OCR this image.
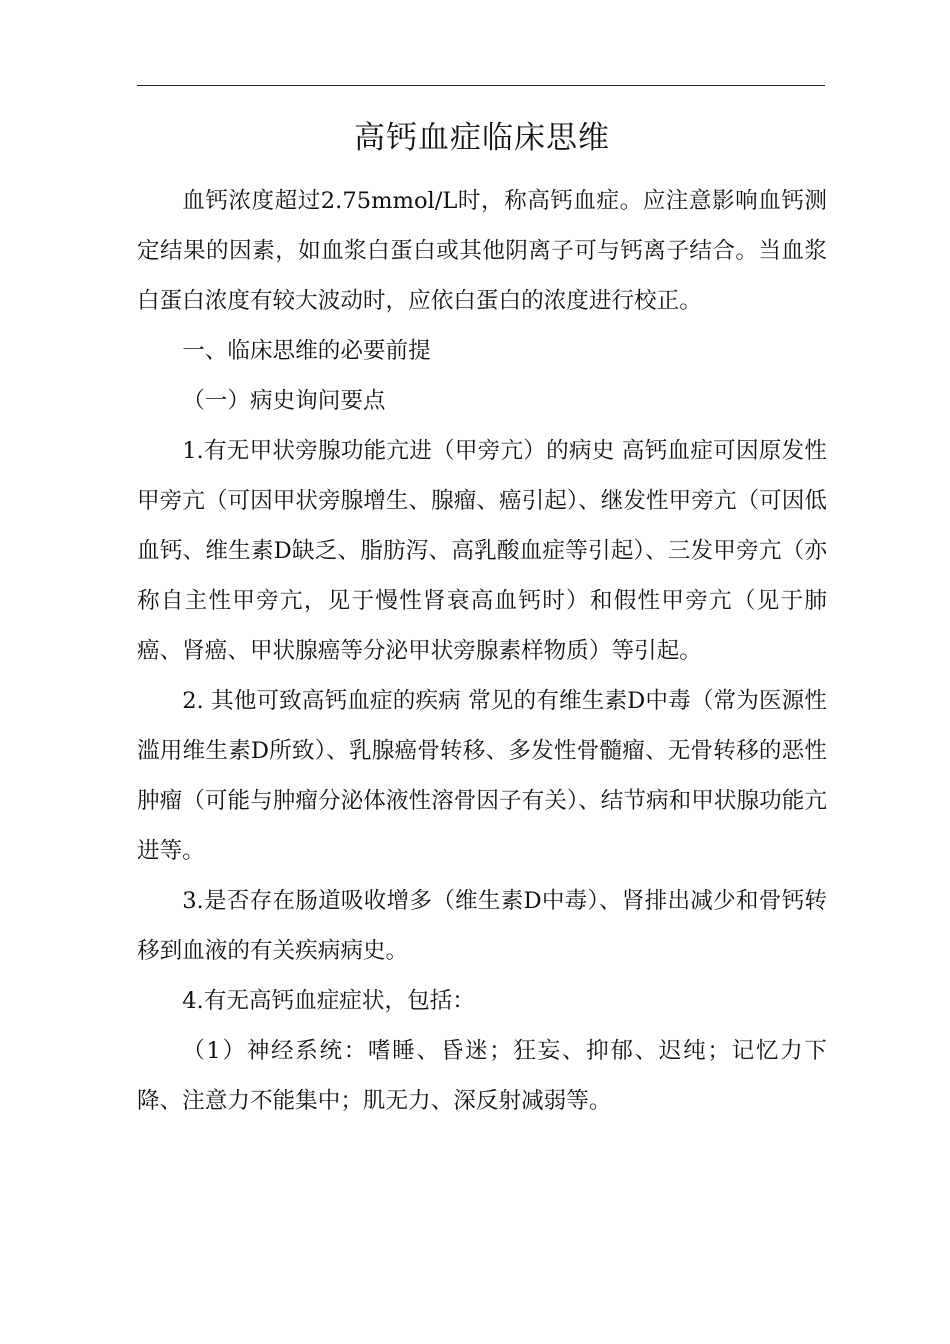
高钙血症临床思维

血钙浓度超过2.75mmol/L时，称高钙血症。应注意影响血钙测定结果的因素，如血浆白蛋白或其他阴离子可与钙离子结合。当血浆白蛋白浓度有较大波动时，应依白蛋白的浓度进行校正。

一、临床思维的必要前提

（一）病史询问要点

1.有无甲状旁腺功能亢进（甲旁亢）的病史 高钙血症可因原发性甲旁亢（可因甲状旁腺增生、腺瘤、癌引起）、继发性甲旁亢（可因低血钙、维生素D缺乏、脂肪泻、高乳酸血症等引起）、三发甲旁亢（亦称自主性甲旁亢，见于慢性肾衰高血钙时）和假性甲旁亢（见于肺癌、肾癌、甲状腺癌等分泌甲状旁腺素样物质）等引起。

2. 其他可致高钙血症的疾病 常见的有维生素D中毒（常为医源性滥用维生素D所致）、乳腺癌骨转移、多发性骨髓瘤、无骨转移的恶性肿瘤（可能与肿瘤分泌体液性溶骨因子有关）、结节病和甲状腺功能亢进等。

3.是否存在肠道吸收增多（维生素D中毒）、肾排出减少和骨钙转移到血液的有关疾病病史。

4.有无高钙血症症状，包括：

（1）神经系统：嗜睡、昏迷；狂妄、抑郁、迟纯；记忆力下降、注意力不能集中；肌无力、深反射减弱等。
